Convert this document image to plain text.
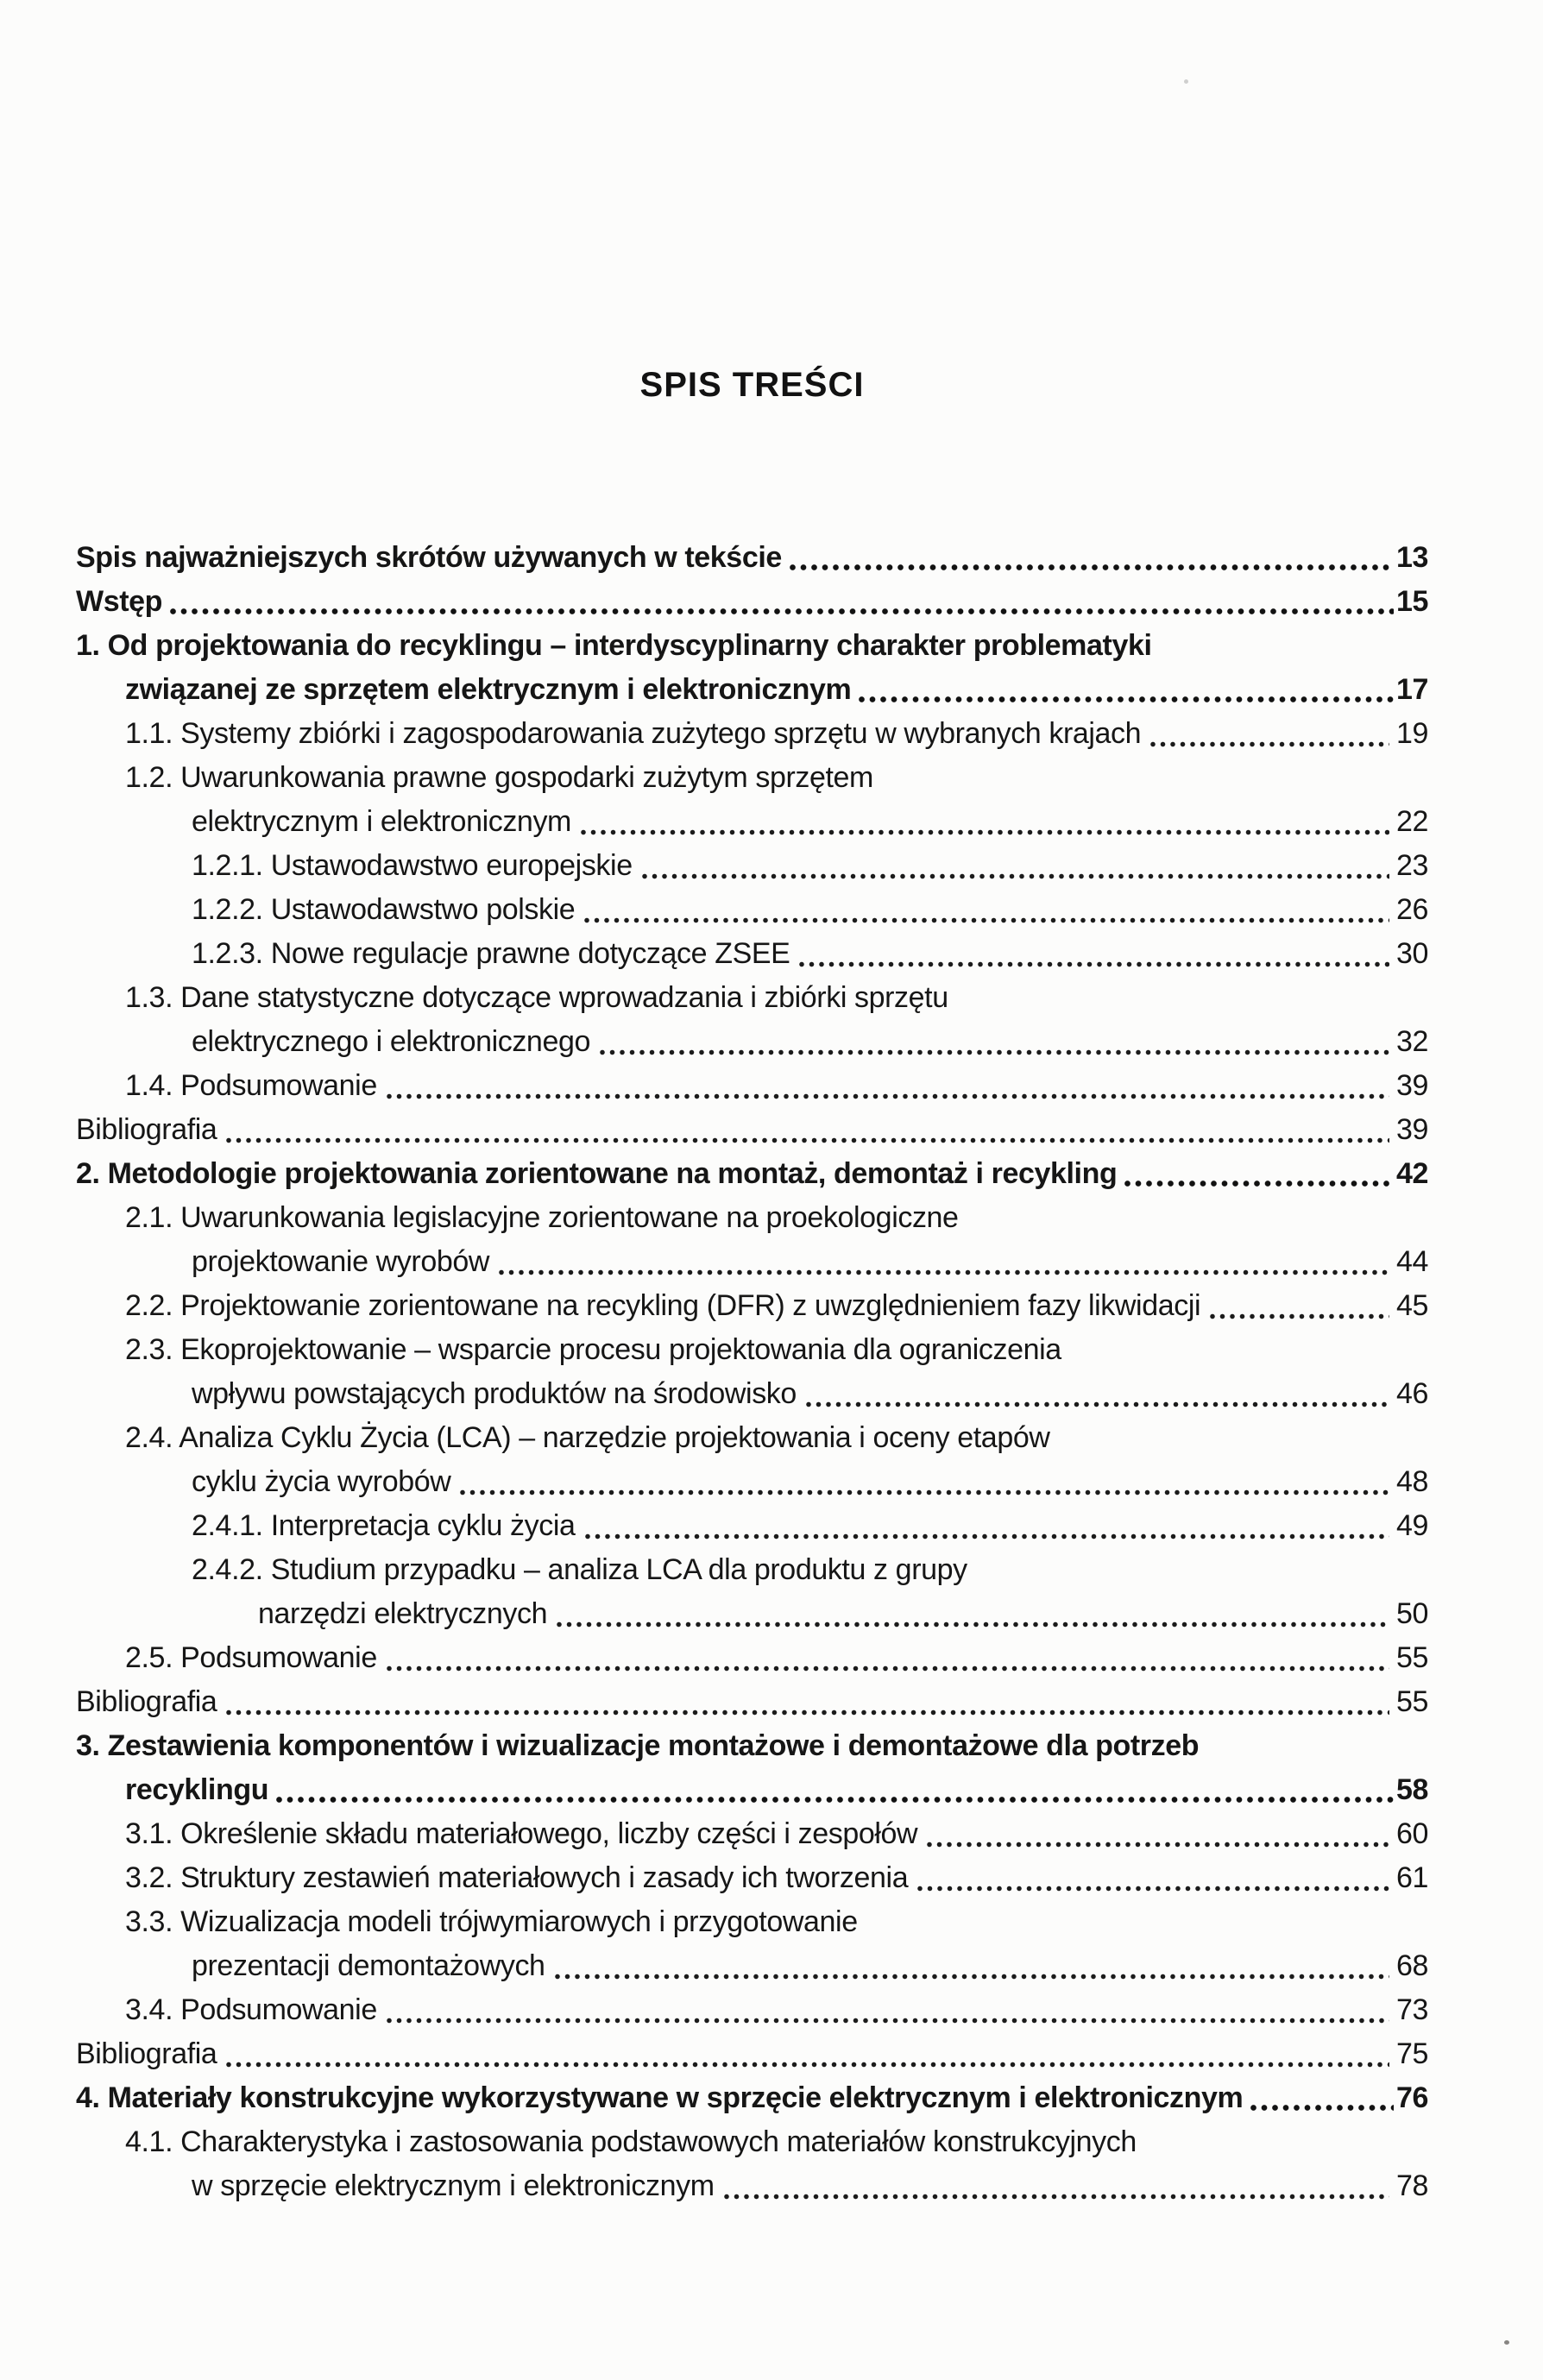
SPIS TREŚCI
Spis najważniejszych skrótów używanych w tekście	13
Wstęp	15
1. Od projektowania do recyklingu – interdyscyplinarny charakter problematyki
związanej ze sprzętem elektrycznym i elektronicznym	17
1.1. Systemy zbiórki i zagospodarowania zużytego sprzętu w wybranych krajach	19
1.2. Uwarunkowania prawne gospodarki zużytym sprzętem
elektrycznym i elektronicznym	22
1.2.1. Ustawodawstwo europejskie	23
1.2.2. Ustawodawstwo polskie	26
1.2.3. Nowe regulacje prawne dotyczące ZSEE	30
1.3. Dane statystyczne dotyczące wprowadzania i zbiórki sprzętu
elektrycznego i elektronicznego	32
1.4. Podsumowanie	39
Bibliografia	39
2. Metodologie projektowania zorientowane na montaż, demontaż i recykling	42
2.1. Uwarunkowania legislacyjne zorientowane na proekologiczne
projektowanie wyrobów	44
2.2. Projektowanie zorientowane na recykling (DFR) z uwzględnieniem fazy likwidacji	45
2.3. Ekoprojektowanie – wsparcie procesu projektowania dla ograniczenia
wpływu powstających produktów na środowisko	46
2.4. Analiza Cyklu Życia (LCA) – narzędzie projektowania i oceny etapów
cyklu życia wyrobów	48
2.4.1. Interpretacja cyklu życia	49
2.4.2. Studium przypadku – analiza LCA dla produktu z grupy
narzędzi elektrycznych	50
2.5. Podsumowanie	55
Bibliografia	55
3. Zestawienia komponentów i wizualizacje montażowe i demontażowe dla potrzeb
recyklingu	58
3.1. Określenie składu materiałowego, liczby części i zespołów	60
3.2. Struktury zestawień materiałowych i zasady ich tworzenia	61
3.3. Wizualizacja modeli trójwymiarowych i przygotowanie
prezentacji demontażowych	68
3.4. Podsumowanie	73
Bibliografia	75
4. Materiały konstrukcyjne wykorzystywane w sprzęcie elektrycznym i elektronicznym	76
4.1. Charakterystyka i zastosowania podstawowych materiałów konstrukcyjnych
w sprzęcie elektrycznym i elektronicznym	78
